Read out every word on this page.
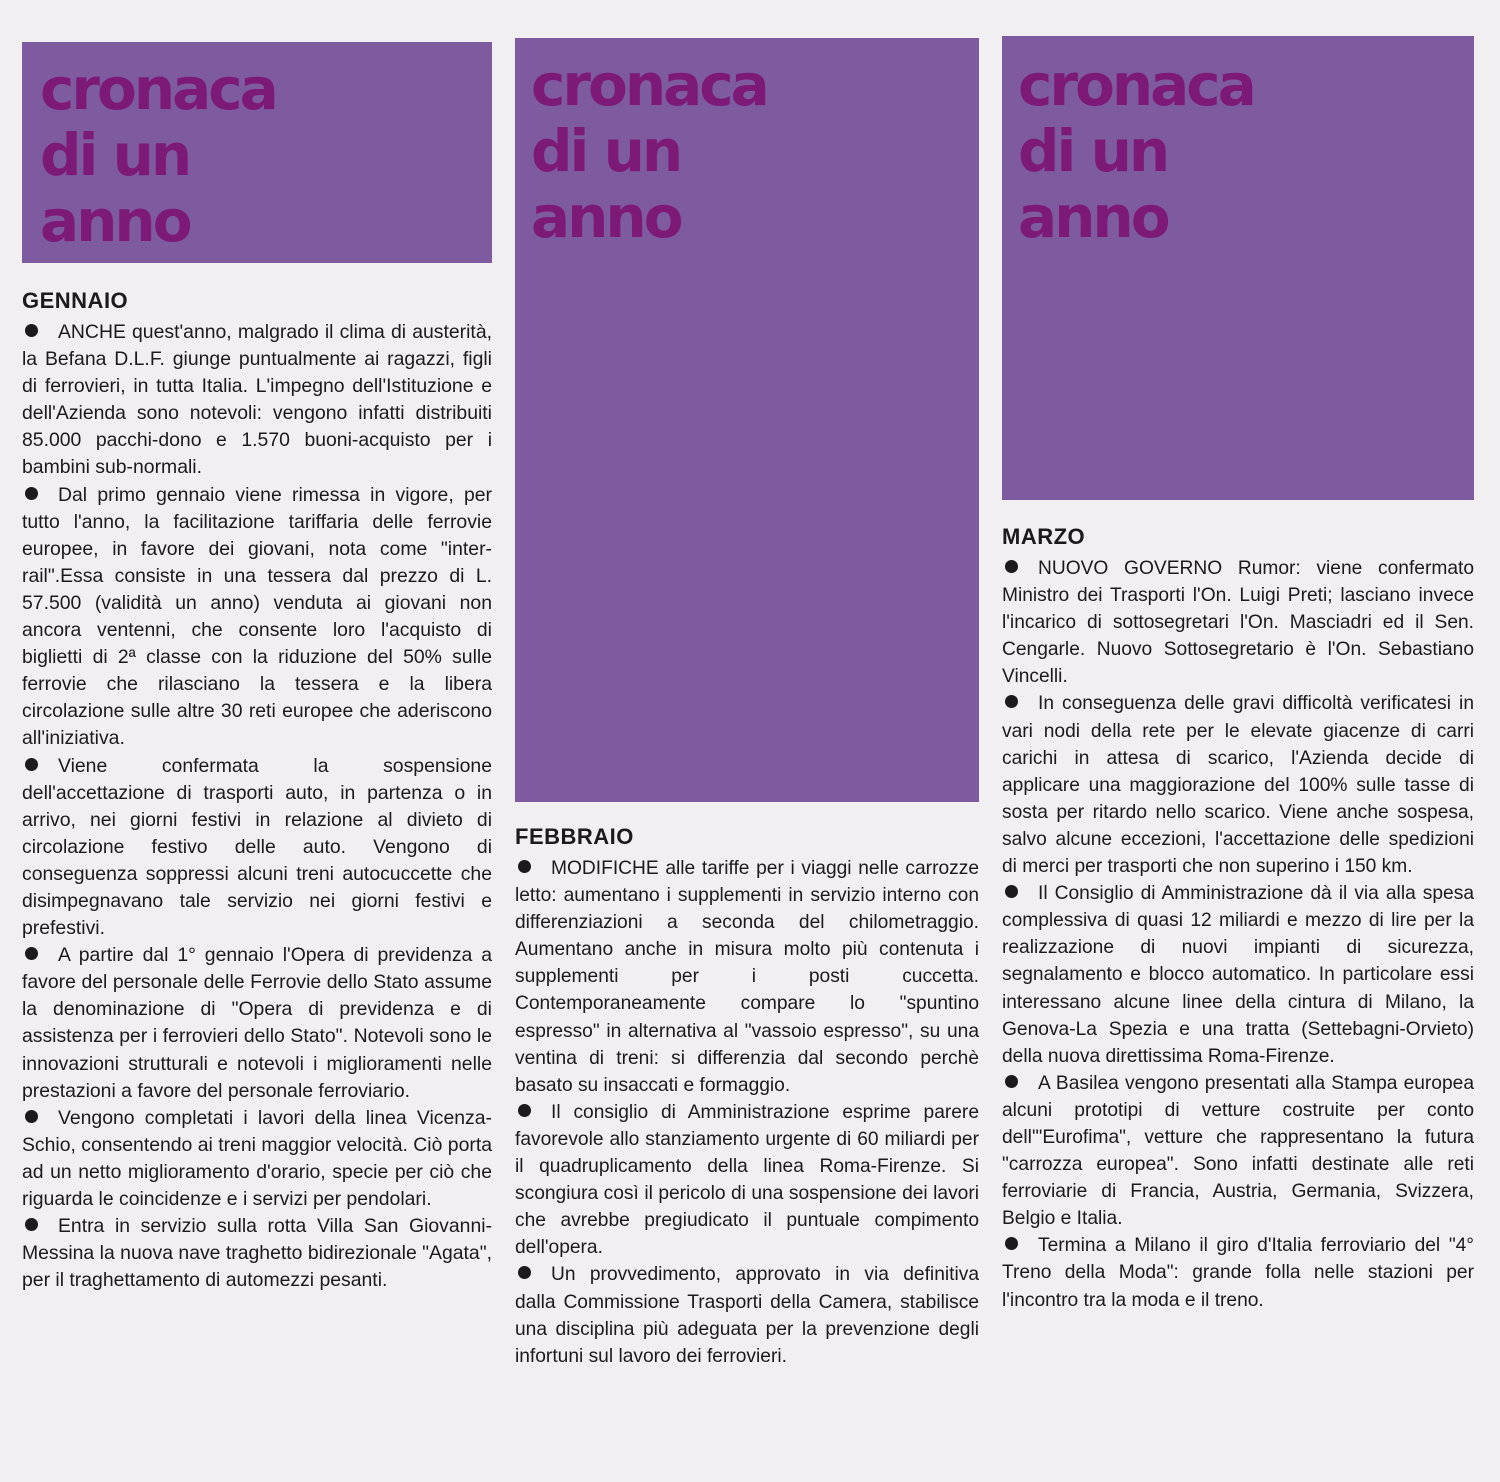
cronaca
di un
anno
GENNAIO

ANCHE quest'anno, malgrado il clima di austerità, la Befana D.L.F. giunge puntualmente ai ragazzi, figli di ferrovieri, in tutta Italia. L'impegno dell'Istituzione e dell'Azienda sono notevoli: vengono infatti distribuiti 85.000 pacchi-dono e 1.570 buoni-acquisto per i bambini sub-normali.

Dal primo gennaio viene rimessa in vigore, per tutto l'anno, la facilitazione tariffaria delle ferrovie europee, in favore dei giovani, nota come "inter-rail".Essa consiste in una tessera dal prezzo di L. 57.500 (validità un anno) venduta ai giovani non ancora ventenni, che consente loro l'acquisto di biglietti di 2ª classe con la riduzione del 50% sulle ferrovie che rilasciano la tessera e la libera circolazione sulle altre 30 reti europee che aderiscono all'iniziativa.

Viene confermata la sospensione dell'accettazione di trasporti auto, in partenza o in arrivo, nei giorni festivi in relazione al divieto di circolazione festivo delle auto. Vengono di conseguenza soppressi alcuni treni autocuccette che disimpegnavano tale servizio nei giorni festivi e prefestivi.

A partire dal 1° gennaio l'Opera di previdenza a favore del personale delle Ferrovie dello Stato assume la denominazione di "Opera di previdenza e di assistenza per i ferrovieri dello Stato". Notevoli sono le innovazioni strutturali e notevoli i miglioramenti nelle prestazioni a favore del personale ferroviario.

Vengono completati i lavori della linea Vicenza-Schio, consentendo ai treni maggior velocità. Ciò porta ad un netto miglioramento d'orario, specie per ciò che riguarda le coincidenze e i servizi per pendolari.

Entra in servizio sulla rotta Villa San Giovanni-Messina la nuova nave traghetto bidirezionale "Agata", per il traghettamento di automezzi pesanti.

cronaca
di un
anno
FEBBRAIO

MODIFICHE alle tariffe per i viaggi nelle carrozze letto: aumentano i supplementi in servizio interno con differenziazioni a seconda del chilometraggio. Aumentano anche in misura molto più contenuta i supplementi per i posti cuccetta. Contemporaneamente compare lo "spuntino espresso" in alternativa al "vassoio espresso", su una ventina di treni: si differenzia dal secondo perchè basato su insaccati e formaggio.

Il consiglio di Amministrazione esprime parere favorevole allo stanziamento urgente di 60 miliardi per il quadruplicamento della linea Roma-Firenze. Si scongiura così il pericolo di una sospensione dei lavori che avrebbe pregiudicato il puntuale compimento dell'opera.

Un provvedimento, approvato in via definitiva dalla Commissione Trasporti della Camera, stabilisce una disciplina più adeguata per la prevenzione degli infortuni sul lavoro dei ferrovieri.

cronaca
di un
anno
MARZO

NUOVO GOVERNO Rumor: viene confermato Ministro dei Trasporti l'On. Luigi Preti; lasciano invece l'incarico di sottosegretari l'On. Masciadri ed il Sen. Cengarle. Nuovo Sottosegretario è l'On. Sebastiano Vincelli.

In conseguenza delle gravi difficoltà verificatesi in vari nodi della rete per le elevate giacenze di carri carichi in attesa di scarico, l'Azienda decide di applicare una maggiorazione del 100% sulle tasse di sosta per ritardo nello scarico. Viene anche sospesa, salvo alcune eccezioni, l'accettazione delle spedizioni di merci per trasporti che non superino i 150 km.

Il Consiglio di Amministrazione dà il via alla spesa complessiva di quasi 12 miliardi e mezzo di lire per la realizzazione di nuovi impianti di sicurezza, segnalamento e blocco automatico. In particolare essi interessano alcune linee della cintura di Milano, la Genova-La Spezia e una tratta (Settebagni-Orvieto) della nuova direttissima Roma-Firenze.

A Basilea vengono presentati alla Stampa europea alcuni prototipi di vetture costruite per conto dell'"Eurofima", vetture che rappresentano la futura "carrozza europea". Sono infatti destinate alle reti ferroviarie di Francia, Austria, Germania, Svizzera, Belgio e Italia.

Termina a Milano il giro d'Italia ferroviario del "4° Treno della Moda": grande folla nelle stazioni per l'incontro tra la moda e il treno.
